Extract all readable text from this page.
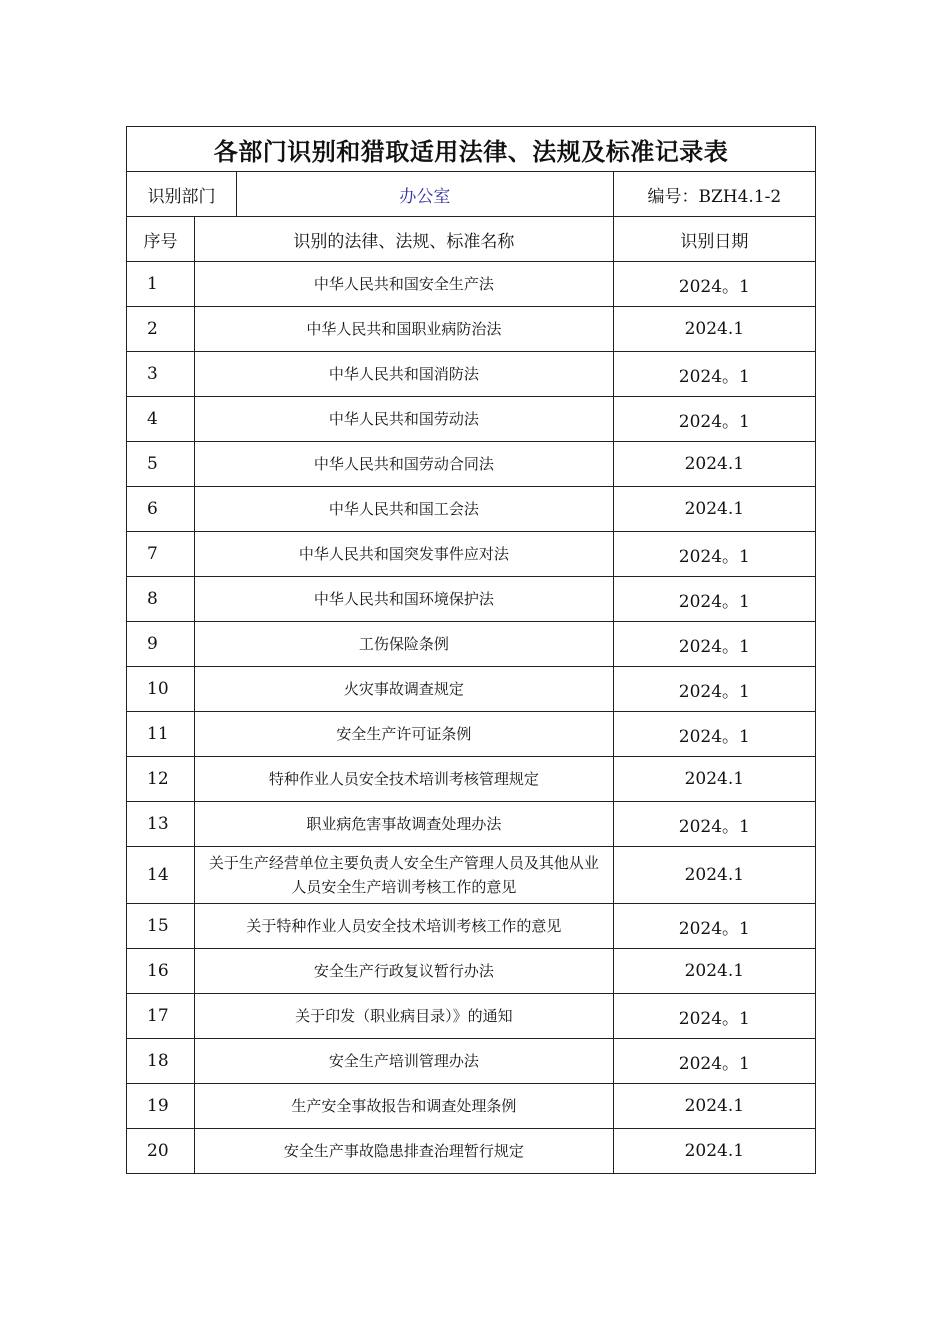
各部门识别和猎取适用法律、法规及标准记录表			
识别部门		办公室	编号：BZH4.1-2
序号	识别的法律、法规、标准名称		识别日期
1	中华人民共和国安全生产法		2024。1
2	中华人民共和国职业病防治法		2024.1
3	中华人民共和国消防法		2024。1
4	中华人民共和国劳动法		2024。1
5	中华人民共和国劳动合同法		2024.1
6	中华人民共和国工会法		2024.1
7	中华人民共和国突发事件应对法		2024。1
8	中华人民共和国环境保护法		2024。1
9	工伤保险条例		2024。1
10	火灾事故调查规定		2024。1
11	安全生产许可证条例		2024。1
12	特种作业人员安全技术培训考核管理规定		2024.1
13	职业病危害事故调查处理办法		2024。1
14	关于生产经营单位主要负责人安全生产管理人员及其他从业人员安全生产培训考核工作的意见		2024.1
15	关于特种作业人员安全技术培训考核工作的意见		2024。1
16	安全生产行政复议暂行办法		2024.1
17	关于印发（职业病目录）》的通知		2024。1
18	安全生产培训管理办法		2024。1
19	生产安全事故报告和调查处理条例		2024.1
20	安全生产事故隐患排查治理暂行规定		2024.1
